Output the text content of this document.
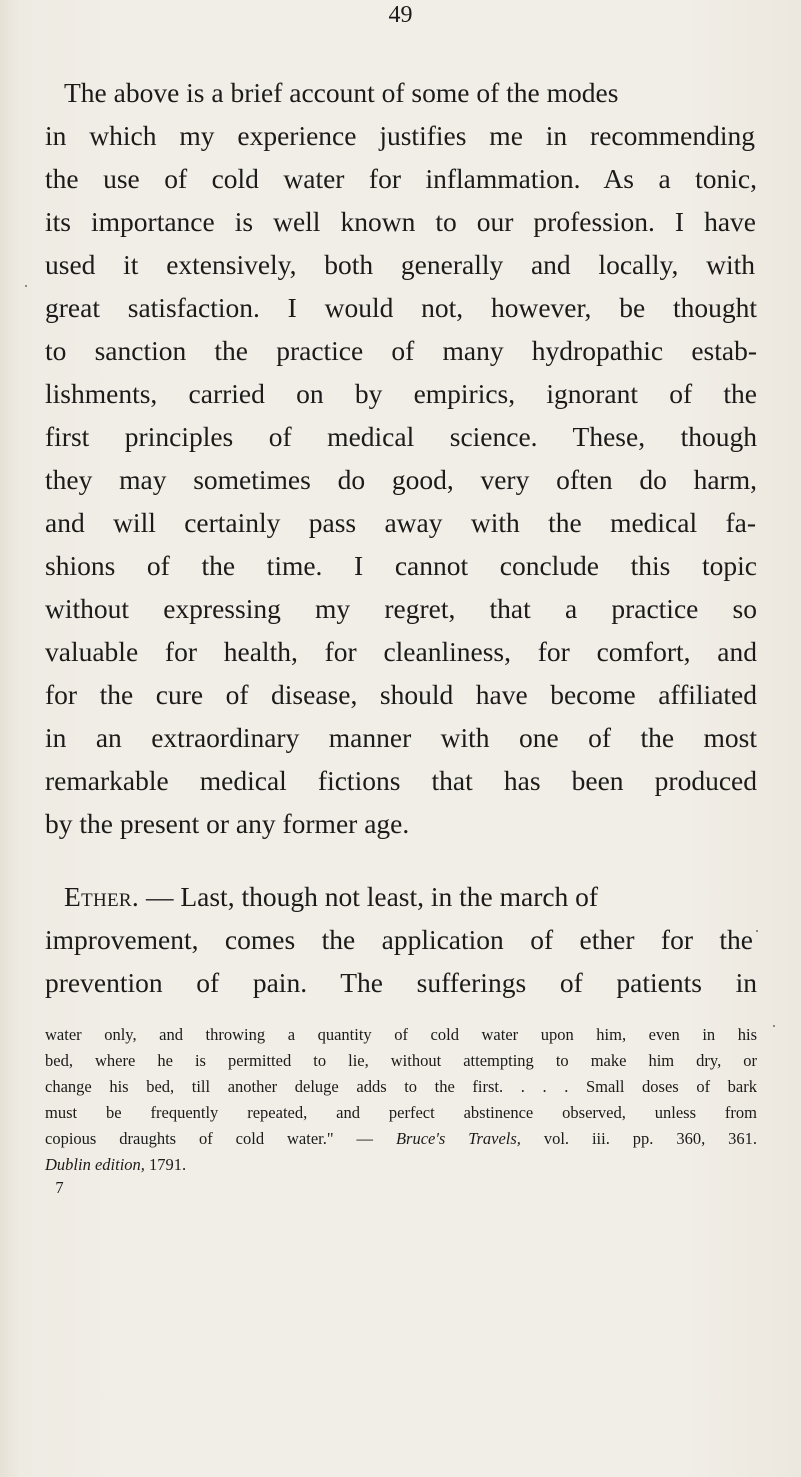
49

The above is a brief account of some of the modes

in which my experience justifies me in recommending

the use of cold water for inflammation. As a tonic,

its importance is well known to our profession. I have

used it extensively, both generally and locally, with

great satisfaction. I would not, however, be thought

to sanction the practice of many hydropathic estab-

lishments, carried on by empirics, ignorant of the

first principles of medical science. These, though

they may sometimes do good, very often do harm,

and will certainly pass away with the medical fa-

shions of the time. I cannot conclude this topic

without expressing my regret, that a practice so

valuable for health, for cleanliness, for comfort, and

for the cure of disease, should have become affiliated

in an extraordinary manner with one of the most

remarkable medical fictions that has been produced

by the present or any former age.

Ether. — Last, though not least, in the march of

improvement, comes the application of ether for the

prevention of pain. The sufferings of patients in

water only, and throwing a quantity of cold water upon him, even in his

bed, where he is permitted to lie, without attempting to make him dry, or

change his bed, till another deluge adds to the first. . . . Small doses of bark

must be frequently repeated, and perfect abstinence observed, unless from

copious draughts of cold water." — Bruce's Travels, vol. iii. pp. 360, 361.

Dublin edition, 1791.

7
